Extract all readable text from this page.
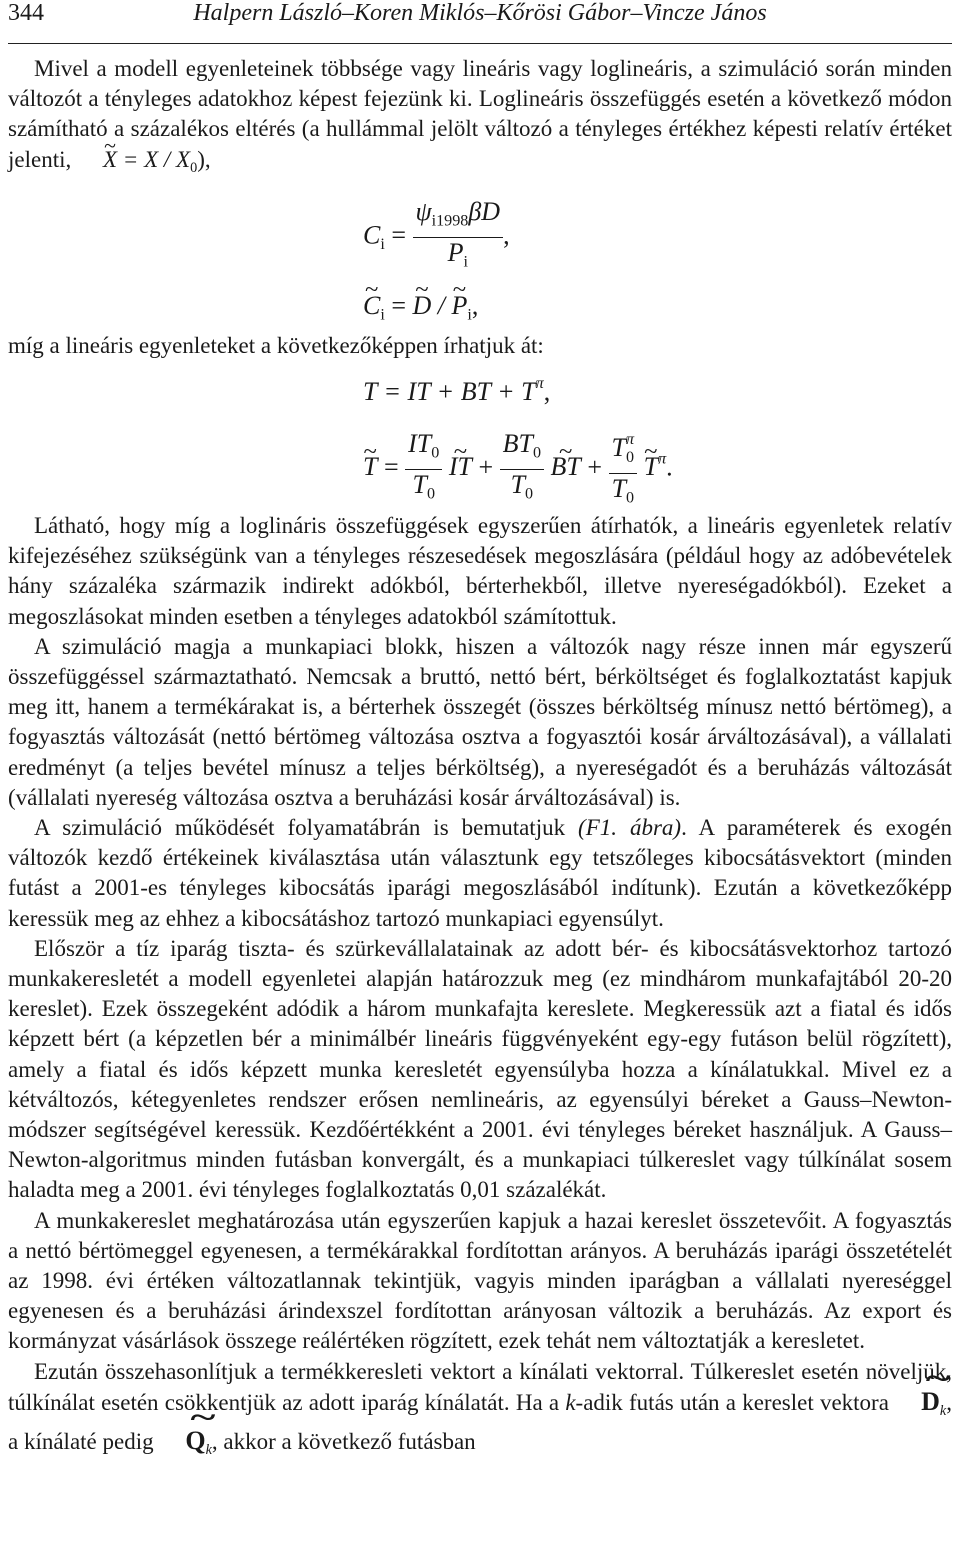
344	Halpern László–Koren Miklós–Kőrösi Gábor–Vincze János

Mivel a modell egyenleteinek többsége vagy lineáris vagy loglineáris, a szimuláció során minden változót a tényleges adatokhoz képest fejezünk ki. Loglineáris összefüggés esetén a következő módon számítható a százalékos eltérés (a hullámmal jelölt változó a tényleges értékhez képesti relatív értéket jelenti, ~ $X = X / X_0$),

$C_i = \frac{\psi_{i1998}\beta D}{P_i}$ ,
~ $C_i$ = ~ D / ~ $P_i$,

míg a lineáris egyenleteket a következőképpen írhatjuk át:

T = IT + BT + $T^\pi$,
~ $T = \frac{IT_0}{T_0}$ ~ IT + $\frac{BT_0}{T_0}$ ~ BT + $\frac{T^\pi_0}{T_0}$ ~ $T^\pi$.

Látható, hogy míg a loglináris összefüggések egyszerűen átírhatók, a lineáris egyenletek relatív kifejezéséhez szükségünk van a tényleges részesedések megoszlására (például hogy az adóbevételek hány százaléka származik indirekt adókból, bérterhekből, illetve nyereségadókból). Ezeket a megoszlásokat minden esetben a tényleges adatokból számítottuk.

A szimuláció magja a munkapiaci blokk, hiszen a változók nagy része innen már egyszerű összefüggéssel származtatható. Nemcsak a bruttó, nettó bért, bérköltséget és foglalkoztatást kapjuk meg itt, hanem a termékárakat is, a bérterhek összegét (összes bérköltség mínusz nettó bértömeg), a fogyasztás változását (nettó bértömeg változása osztva a fogyasztói kosár árváltozásával), a vállalati eredményt (a teljes bevétel mínusz a teljes bérköltség), a nyereségadót és a beruházás változását (vállalati nyereség változása osztva a beruházási kosár árváltozásával) is.

A szimuláció működését folyamatábrán is bemutatjuk (F1. ábra). A paraméterek és exogén változók kezdő értékeinek kiválasztása után választunk egy tetszőleges kibocsátásvektort (minden futást a 2001-es tényleges kibocsátás iparági megoszlásából indítunk). Ezután a következőképp keressük meg az ehhez a kibocsátáshoz tartozó munkapiaci egyensúlyt.

Először a tíz iparág tiszta- és szürkevállalatainak az adott bér- és kibocsátásvektorhoz tartozó munkakeresletét a modell egyenletei alapján határozzuk meg (ez mindhárom munkafajtából 20-20 kereslet). Ezek összegeként adódik a három munkafajta kereslete. Megkeressük azt a fiatal és idős képzett bért (a képzetlen bér a minimálbér lineáris függvényeként egy-egy futáson belül rögzített), amely a fiatal és idős képzett munka keresletét egyensúlyba hozza a kínálatukkal. Mivel ez a kétváltozós, kétegyenletes rendszer erősen nemlineáris, az egyensúlyi béreket a Gauss–Newton-módszer segítségével keressük. Kezdőértékként a 2001. évi tényleges béreket használjuk. A Gauss–Newton-algoritmus minden futásban konvergált, és a munkapiaci túlkereslet vagy túlkínálat sosem haladta meg a 2001. évi tényleges foglalkoztatás 0,01 százalékát.

A munkakereslet meghatározása után egyszerűen kapjuk a hazai kereslet összetevőit. A fogyasztás a nettó bértömeggel egyenesen, a termékárakkal fordítottan arányos. A beruházás iparági összetételét az 1998. évi értéken változatlannak tekintjük, vagyis minden iparágban a vállalati nyereséggel egyenesen és a beruházási árindexszel fordítottan arányosan változik a beruházás. Az export és kormányzat vásárlások összege reálértéken rögzített, ezek tehát nem változtatják a keresletet.

Ezután összehasonlítjuk a termékkeresleti vektort a kínálati vektorral. Túlkereslet esetén növeljük, túlkínálat esetén csökkentjük az adott iparág kínálatát. Ha a k-adik futás után a kereslet vektora ~ $D_k$, a kínálaté pedig ~ $Q_k$, akkor a következő futásban
